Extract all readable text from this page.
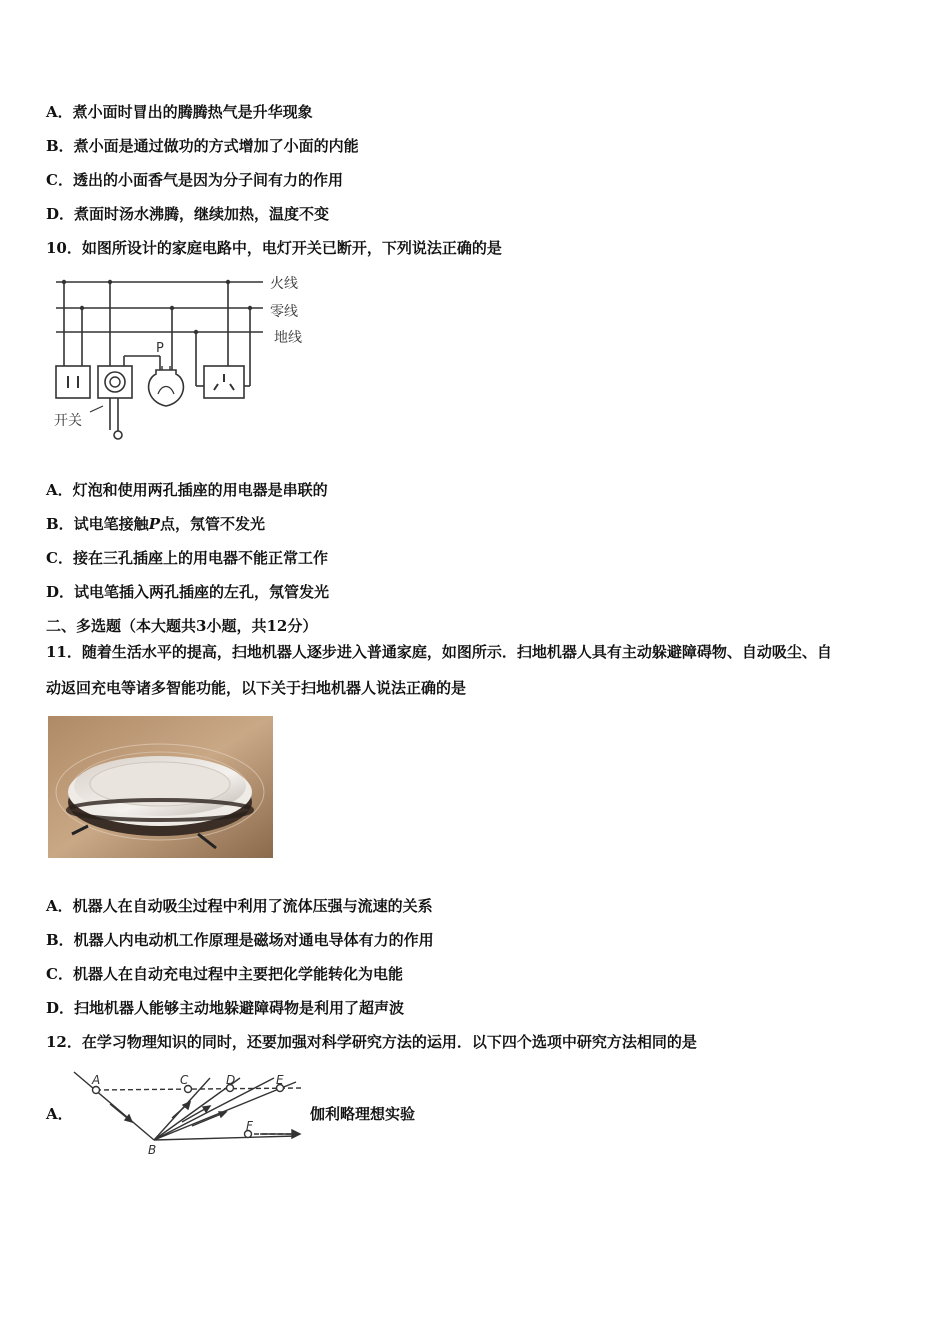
A．煮小面时冒出的腾腾热气是升华现象
B．煮小面是通过做功的方式增加了小面的内能
C．透出的小面香气是因为分子间有力的作用
D．煮面时汤水沸腾，继续加热，温度不变
10．如图所设计的家庭电路中，电灯开关已断开，下列说法正确的是
火线
零线
地线
P
开关
A．灯泡和使用两孔插座的用电器是串联的
B．试电笔接触P点，氖管不发光
C．接在三孔插座上的用电器不能正常工作
D．试电笔插入两孔插座的左孔，氖管发光
二、多选题（本大题共3小题，共12分）
11．随着生活水平的提高，扫地机器人逐步进入普通家庭，如图所示．扫地机器人具有主动躲避障碍物、自动吸尘、自
动返回充电等诸多智能功能，以下关于扫地机器人说法正确的是
A．机器人在自动吸尘过程中利用了流体压强与流速的关系
B．机器人内电动机工作原理是磁场对通电导体有力的作用
C．机器人在自动充电过程中主要把化学能转化为电能
D．扫地机器人能够主动地躲避障碍物是利用了超声波
12．在学习物理知识的同时，还要加强对科学研究方法的运用．以下四个选项中研究方法相同的是
A．
A	C	D	E
F
B
伽利略理想实验
